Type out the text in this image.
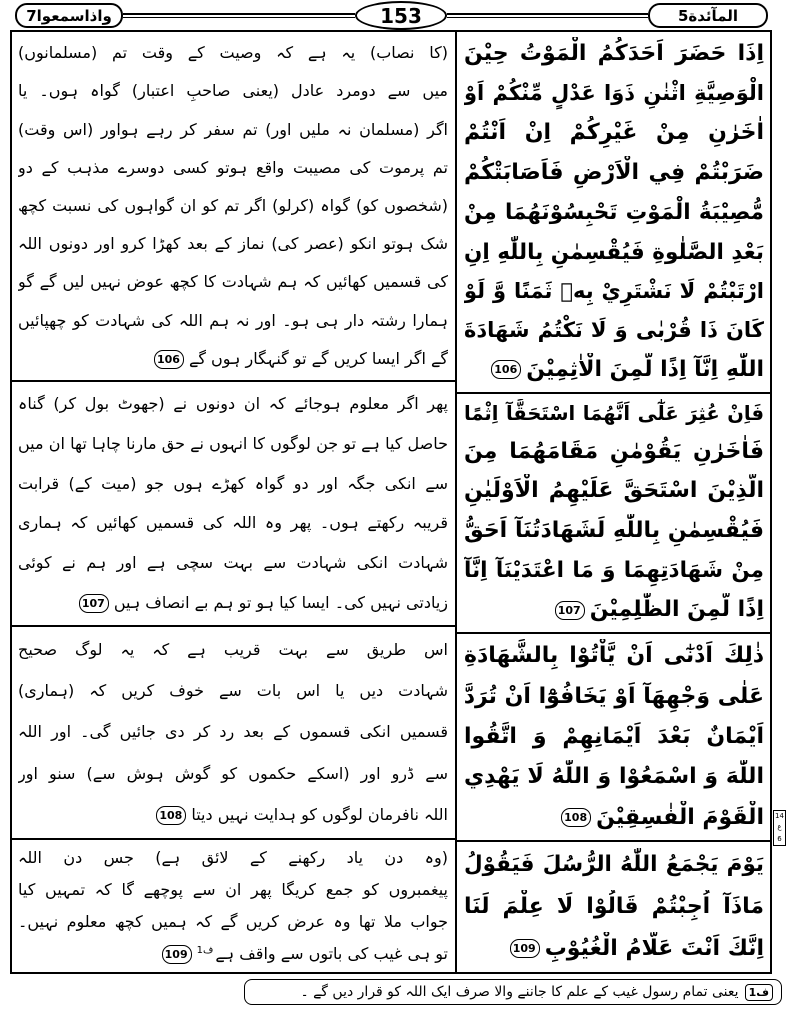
المآئدة5
153
واذاسمعوا7
اِذَا حَضَرَ اَحَدَكُمُ الْمَوْتُ حِيْنَ
الْوَصِيَّةِ اثْنٰنِ ذَوَا عَدْلٍ مِّنْكُمْ اَوْ
اٰخَرٰنِ مِنْ غَيْرِكُمْ اِنْ اَنْتُمْ
ضَرَبْتُمْ فِي الْاَرْضِ فَاَصَابَتْكُمْ
مُّصِيْبَةُ الْمَوْتِ تَحْبِسُوْنَهُمَا مِنْ
بَعْدِ الصَّلٰوةِ فَيُقْسِمٰنِ بِاللّٰهِ اِنِ
ارْتَبْتُمْ لَا نَشْتَرِيْ بِهٖ ثَمَنًا وَّ لَوْ
كَانَ ذَا قُرْبٰى وَ لَا نَكْتُمُ شَهَادَةَ
اللّٰهِ اِنَّآ اِذًا لَّمِنَ الْاٰثِمِيْنَ106
فَاِنْ عُثِرَ عَلٰٓى اَنَّهُمَا اسْتَحَقَّآ اِثْمًا
فَاٰخَرٰنِ يَقُوْمٰنِ مَقَامَهُمَا مِنَ
الَّذِيْنَ اسْتَحَقَّ عَلَيْهِمُ الْاَوْلَيٰنِ
فَيُقْسِمٰنِ بِاللّٰهِ لَشَهَادَتُنَآ اَحَقُّ
مِنْ شَهَادَتِهِمَا وَ مَا اعْتَدَيْنَآ اِنَّآ
اِذًا لَّمِنَ الظّٰلِمِيْنَ107
ذٰلِكَ اَدْنٰٓى اَنْ يَّاْتُوْا بِالشَّهَادَةِ
عَلٰى وَجْهِهَآ اَوْ يَخَافُوْٓا اَنْ تُرَدَّ
اَيْمَانٌ بَعْدَ اَيْمَانِهِمْ وَ اتَّقُوا
اللّٰهَ وَ اسْمَعُوْا وَ اللّٰهُ لَا يَهْدِي
الْقَوْمَ الْفٰسِقِيْنَ108
يَوْمَ يَجْمَعُ اللّٰهُ الرُّسُلَ فَيَقُوْلُ
مَاذَآ اُجِبْتُمْ قَالُوْا لَا عِلْمَ لَنَا
اِنَّكَ اَنْتَ عَلَّامُ الْغُيُوْبِ109
(کا نصاب) یہ ہے کہ وصیت کے وقت تم (مسلمانوں)
میں سے دومرد عادل (یعنی صاحبِ اعتبار) گواہ ہوں۔ یا
اگر (مسلمان نہ ملیں اور) تم سفر کر رہے ہواور (اس وقت)
تم پرموت کی مصیبت واقع ہوتو کسی دوسرے مذہب کے دو
(شخصوں کو) گواہ (کرلو) اگر تم کو ان گواہوں کی نسبت کچھ
شک ہوتو انکو (عصر کی) نماز کے بعد کھڑا کرو اور دونوں اللہ
کی قسمیں کھائیں کہ ہم شہادت کا کچھ عوض نہیں لیں گے گو
ہمارا رشتہ دار ہی ہو۔ اور نہ ہم اللہ کی شہادت کو چھپائیں
گے اگر ایسا کریں گے تو گنہگار ہوں گے106
پھر اگر معلوم ہوجائے کہ ان دونوں نے (جھوٹ بول کر) گناہ
حاصل کیا ہے تو جن لوگوں کا انہوں نے حق مارنا چاہا تھا ان میں
سے انکی جگہ اور دو گواہ کھڑے ہوں جو (میت کے) قرابت
قریبہ رکھتے ہوں۔ پھر وہ اللہ کی قسمیں کھائیں کہ ہماری
شہادت انکی شہادت سے بہت سچی ہے اور ہم نے کوئی
زیادتی نہیں کی۔ ایسا کیا ہو تو ہم بے انصاف ہیں107
اس طریق سے بہت قریب ہے کہ یہ لوگ صحیح
شہادت دیں یا اس بات سے خوف کریں کہ (ہماری)
قسمیں انکی قسموں کے بعد رد کر دی جائیں گی۔ اور اللہ
سے ڈرو اور (اسکے حکموں کو گوش ہوش سے) سنو اور
اللہ نافرمان لوگوں کو ہدایت نہیں دیتا108
(وہ دن یاد رکھنے کے لائق ہے) جس دن اللہ
پیغمبروں کو جمع کریگا پھر ان سے پوچھے گا کہ تمہیں کیا
جواب ملا تھا وہ عرض کریں گے کہ ہمیں کچھ معلوم نہیں۔
تو ہی غیب کی باتوں سے واقف ہے$^{ف1}$109
14
ع
6
ف1
یعنی تمام رسول غیب کے علم کا جاننے والا صرف ایک اللہ کو قرار دیں گے ۔
